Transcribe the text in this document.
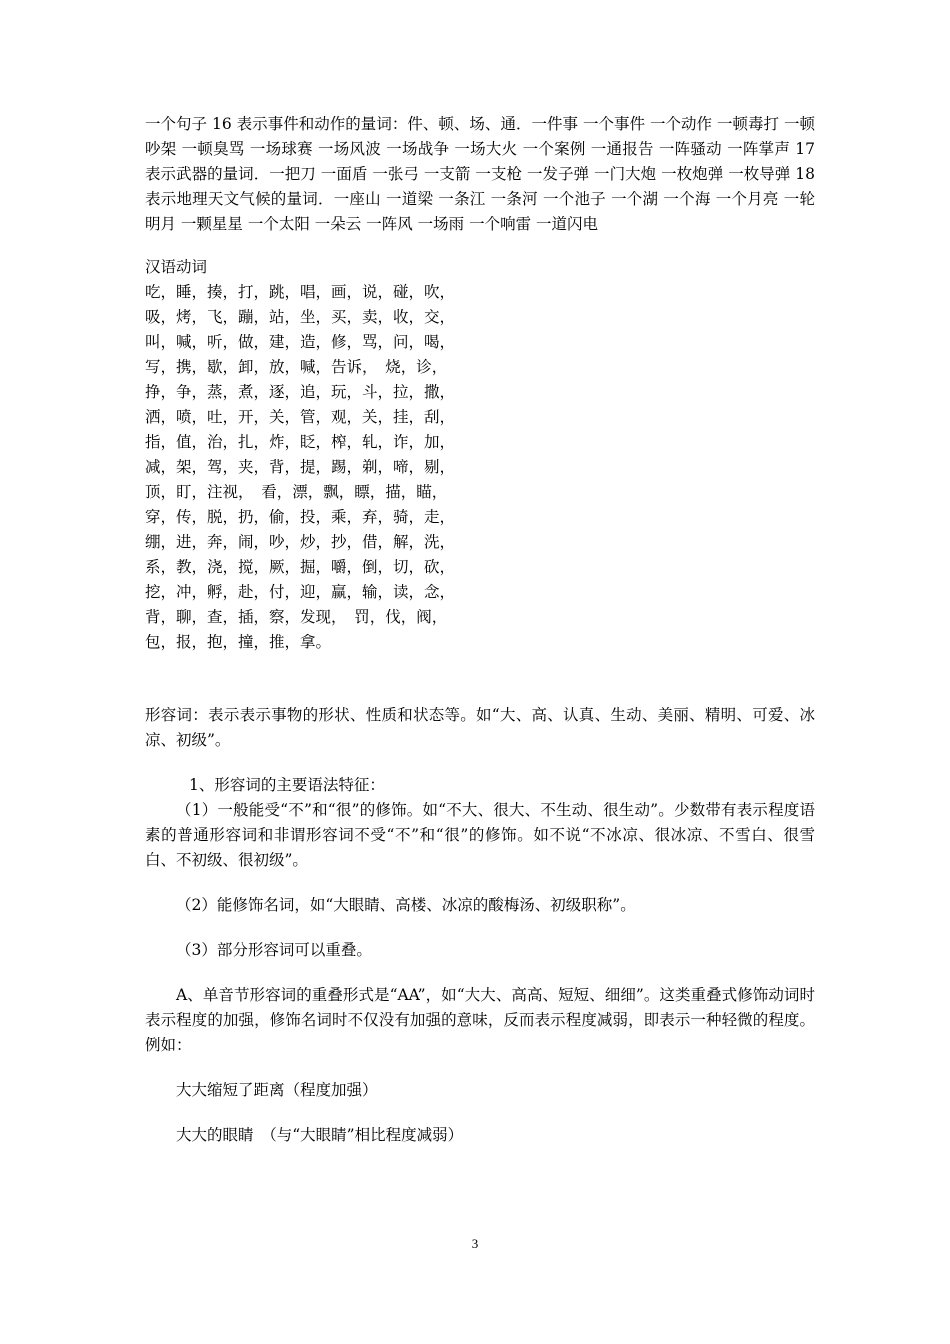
一个句子 16 表示事件和动作的量词：件、顿、场、通．一件事 一个事件 一个动作 一顿毒打 一顿吵架 一顿臭骂 一场球赛 一场风波 一场战争 一场大火 一个案例 一通报告 一阵骚动 一阵掌声 17 表示武器的量词．一把刀 一面盾 一张弓 一支箭 一支枪 一发子弹 一门大炮 一枚炮弹 一枚导弹 18 表示地理天文气候的量词．一座山 一道梁 一条江 一条河 一个池子 一个湖 一个海 一个月亮 一轮明月 一颗星星 一个太阳 一朵云 一阵风 一场雨 一个响雷 一道闪电

汉语动词

吃，睡，揍，打，跳，唱，画，说，碰，吹，

吸，烤，飞，蹦，站，坐，买，卖，收，交，

叫，喊，听，做，建，造，修，骂，问，喝，

写，携，歇，卸，放，喊，告诉，　烧，诊，

挣，争，蒸，煮，逐，追，玩，斗，拉，撒，

洒，喷，吐，开，关，管，观，关，挂，刮，

指，值，治，扎，炸，眨，榨，轧，诈，加，

减，架，驾，夹，背，提，踢，剃，啼，剔，

顶，盯，注视，　看，漂，飘，瞟，描，瞄，

穿，传，脱，扔，偷，投，乘，弃，骑，走，

绷，进，奔，闹，吵，炒，抄，借，解，洗，

系，教，浇，搅，厥，掘，嚼，倒，切，砍，

挖，冲，孵，赴，付，迎，赢，输，读，念，

背，聊，查，插，察，发现，　罚，伐，阀，

包，报，抱，撞，推，拿。

形容词：表示表示事物的形状、性质和状态等。如“大、高、认真、生动、美丽、精明、可爱、冰凉、初级”。

1、形容词的主要语法特征：

（1）一般能受“不”和“很”的修饰。如“不大、很大、不生动、很生动”。少数带有表示程度语素的普通形容词和非谓形容词不受“不”和“很”的修饰。如不说“不冰凉、很冰凉、不雪白、很雪白、不初级、很初级”。

（2）能修饰名词，如“大眼睛、高楼、冰凉的酸梅汤、初级职称”。

（3）部分形容词可以重叠。

A、单音节形容词的重叠形式是“AA”，如“大大、高高、短短、细细”。这类重叠式修饰动词时表示程度的加强，修饰名词时不仅没有加强的意味，反而表示程度减弱，即表示一种轻微的程度。例如：

大大缩短了距离（程度加强）

大大的眼睛　（与“大眼睛”相比程度减弱）

3
